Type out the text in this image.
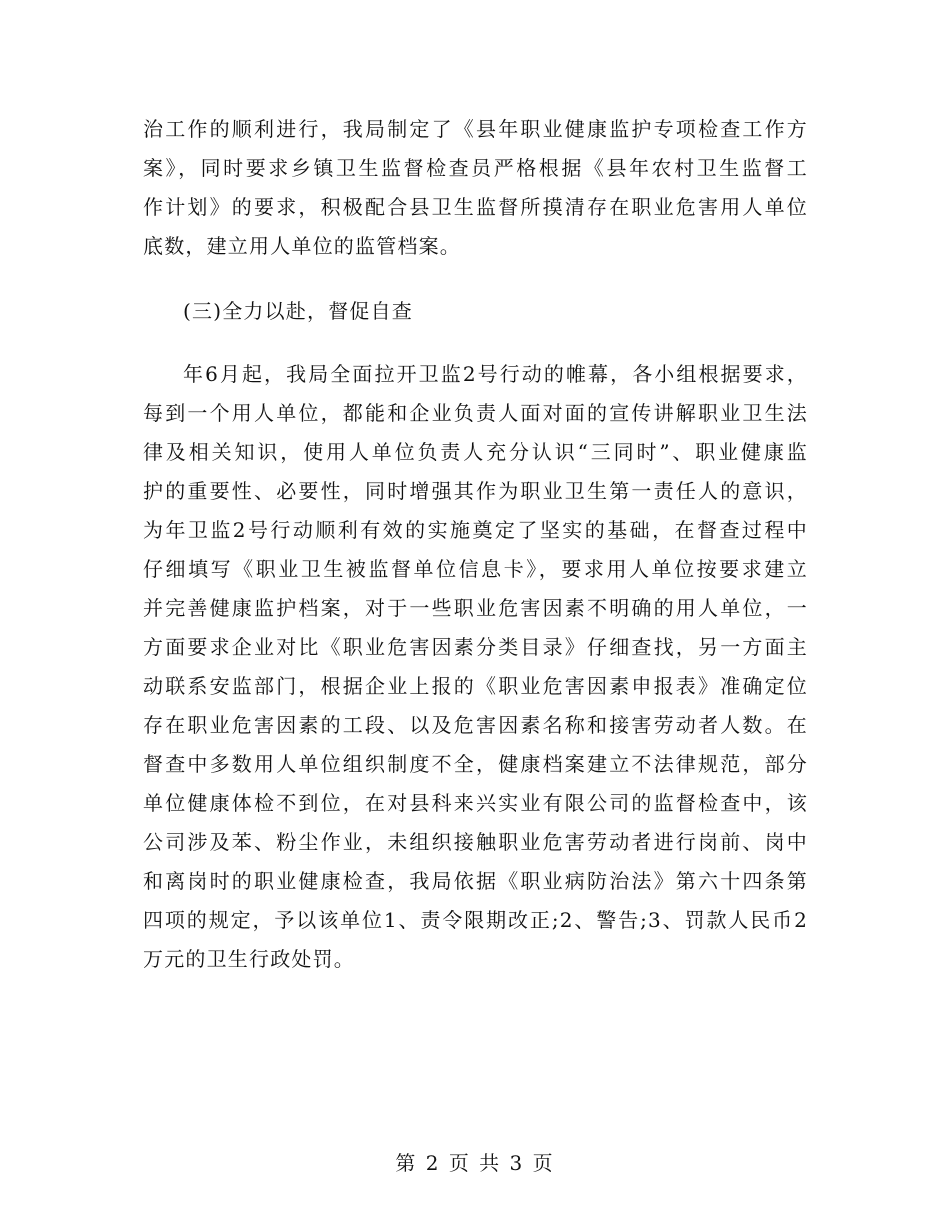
治工作的顺利进行，我局制定了《县年职业健康监护专项检查工作方
案》，同时要求乡镇卫生监督检查员严格根据《县年农村卫生监督工
作计划》的要求，积极配合县卫生监督所摸清存在职业危害用人单位
底数，建立用人单位的监管档案。

(三)全力以赴，督促自查

年6月起，我局全面拉开卫监2号行动的帷幕，各小组根据要求，
每到一个用人单位，都能和企业负责人面对面的宣传讲解职业卫生法
律及相关知识，使用人单位负责人充分认识“三同时”、职业健康监
护的重要性、必要性，同时增强其作为职业卫生第一责任人的意识，
为年卫监2号行动顺利有效的实施奠定了坚实的基础，在督查过程中
仔细填写《职业卫生被监督单位信息卡》，要求用人单位按要求建立
并完善健康监护档案，对于一些职业危害因素不明确的用人单位，一
方面要求企业对比《职业危害因素分类目录》仔细查找，另一方面主
动联系安监部门，根据企业上报的《职业危害因素申报表》准确定位
存在职业危害因素的工段、以及危害因素名称和接害劳动者人数。在
督查中多数用人单位组织制度不全，健康档案建立不法律规范，部分
单位健康体检不到位，在对县科来兴实业有限公司的监督检查中，该
公司涉及苯、粉尘作业，未组织接触职业危害劳动者进行岗前、岗中
和离岗时的职业健康检查，我局依据《职业病防治法》第六十四条第
四项的规定，予以该单位1、责令限期改正;2、警告;3、罚款人民币2
万元的卫生行政处罚。

第 2 页 共 3 页
